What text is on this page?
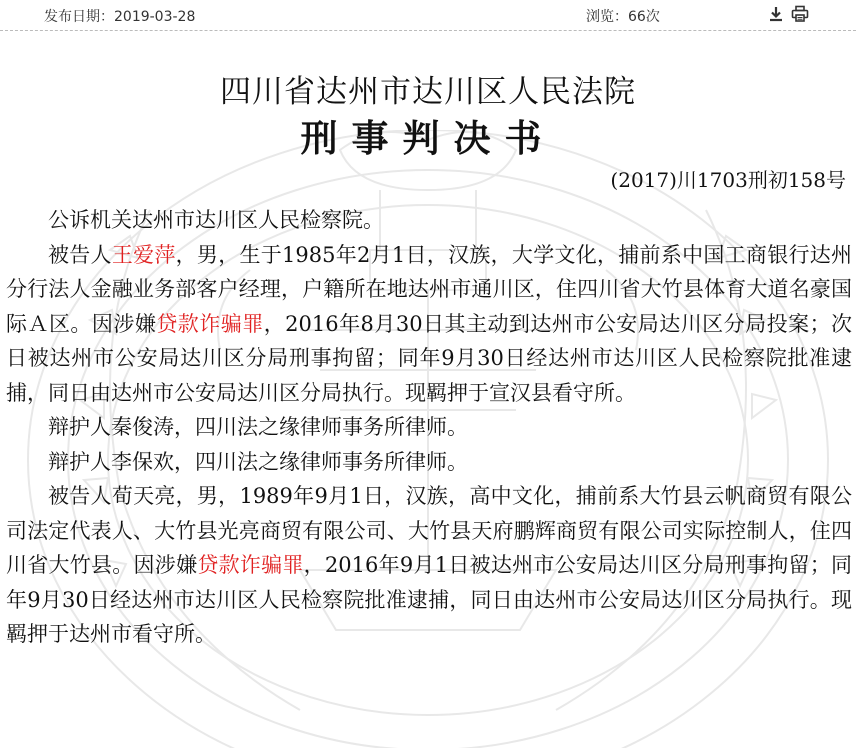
发布日期：2019-03-28	浏览：66次
四川省达州市达川区人民法院
刑事判决书
(2017)川1703刑初158号

公诉机关达州市达川区人民检察院。

被告人王爱萍，男，生于1985年2月1日，汉族，大学文化，捕前系中国工商银行达州分行法人金融业务部客户经理，户籍所在地达州市通川区，住四川省大竹县体育大道名豪国际Ａ区。因涉嫌贷款诈骗罪，2016年8月30日其主动到达州市公安局达川区分局投案；次日被达州市公安局达川区分局刑事拘留；同年9月30日经达州市达川区人民检察院批准逮捕，同日由达州市公安局达川区分局执行。现羁押于宣汉县看守所。

辩护人秦俊涛，四川法之缘律师事务所律师。

辩护人李保欢，四川法之缘律师事务所律师。

被告人荀天亮，男，1989年9月1日，汉族，高中文化，捕前系大竹县云帆商贸有限公司法定代表人、大竹县光亮商贸有限公司、大竹县天府鹏辉商贸有限公司实际控制人，住四川省大竹县。因涉嫌贷款诈骗罪，2016年9月1日被达州市公安局达川区分局刑事拘留；同年9月30日经达州市达川区人民检察院批准逮捕，同日由达州市公安局达川区分局执行。现羁押于达州市看守所。
